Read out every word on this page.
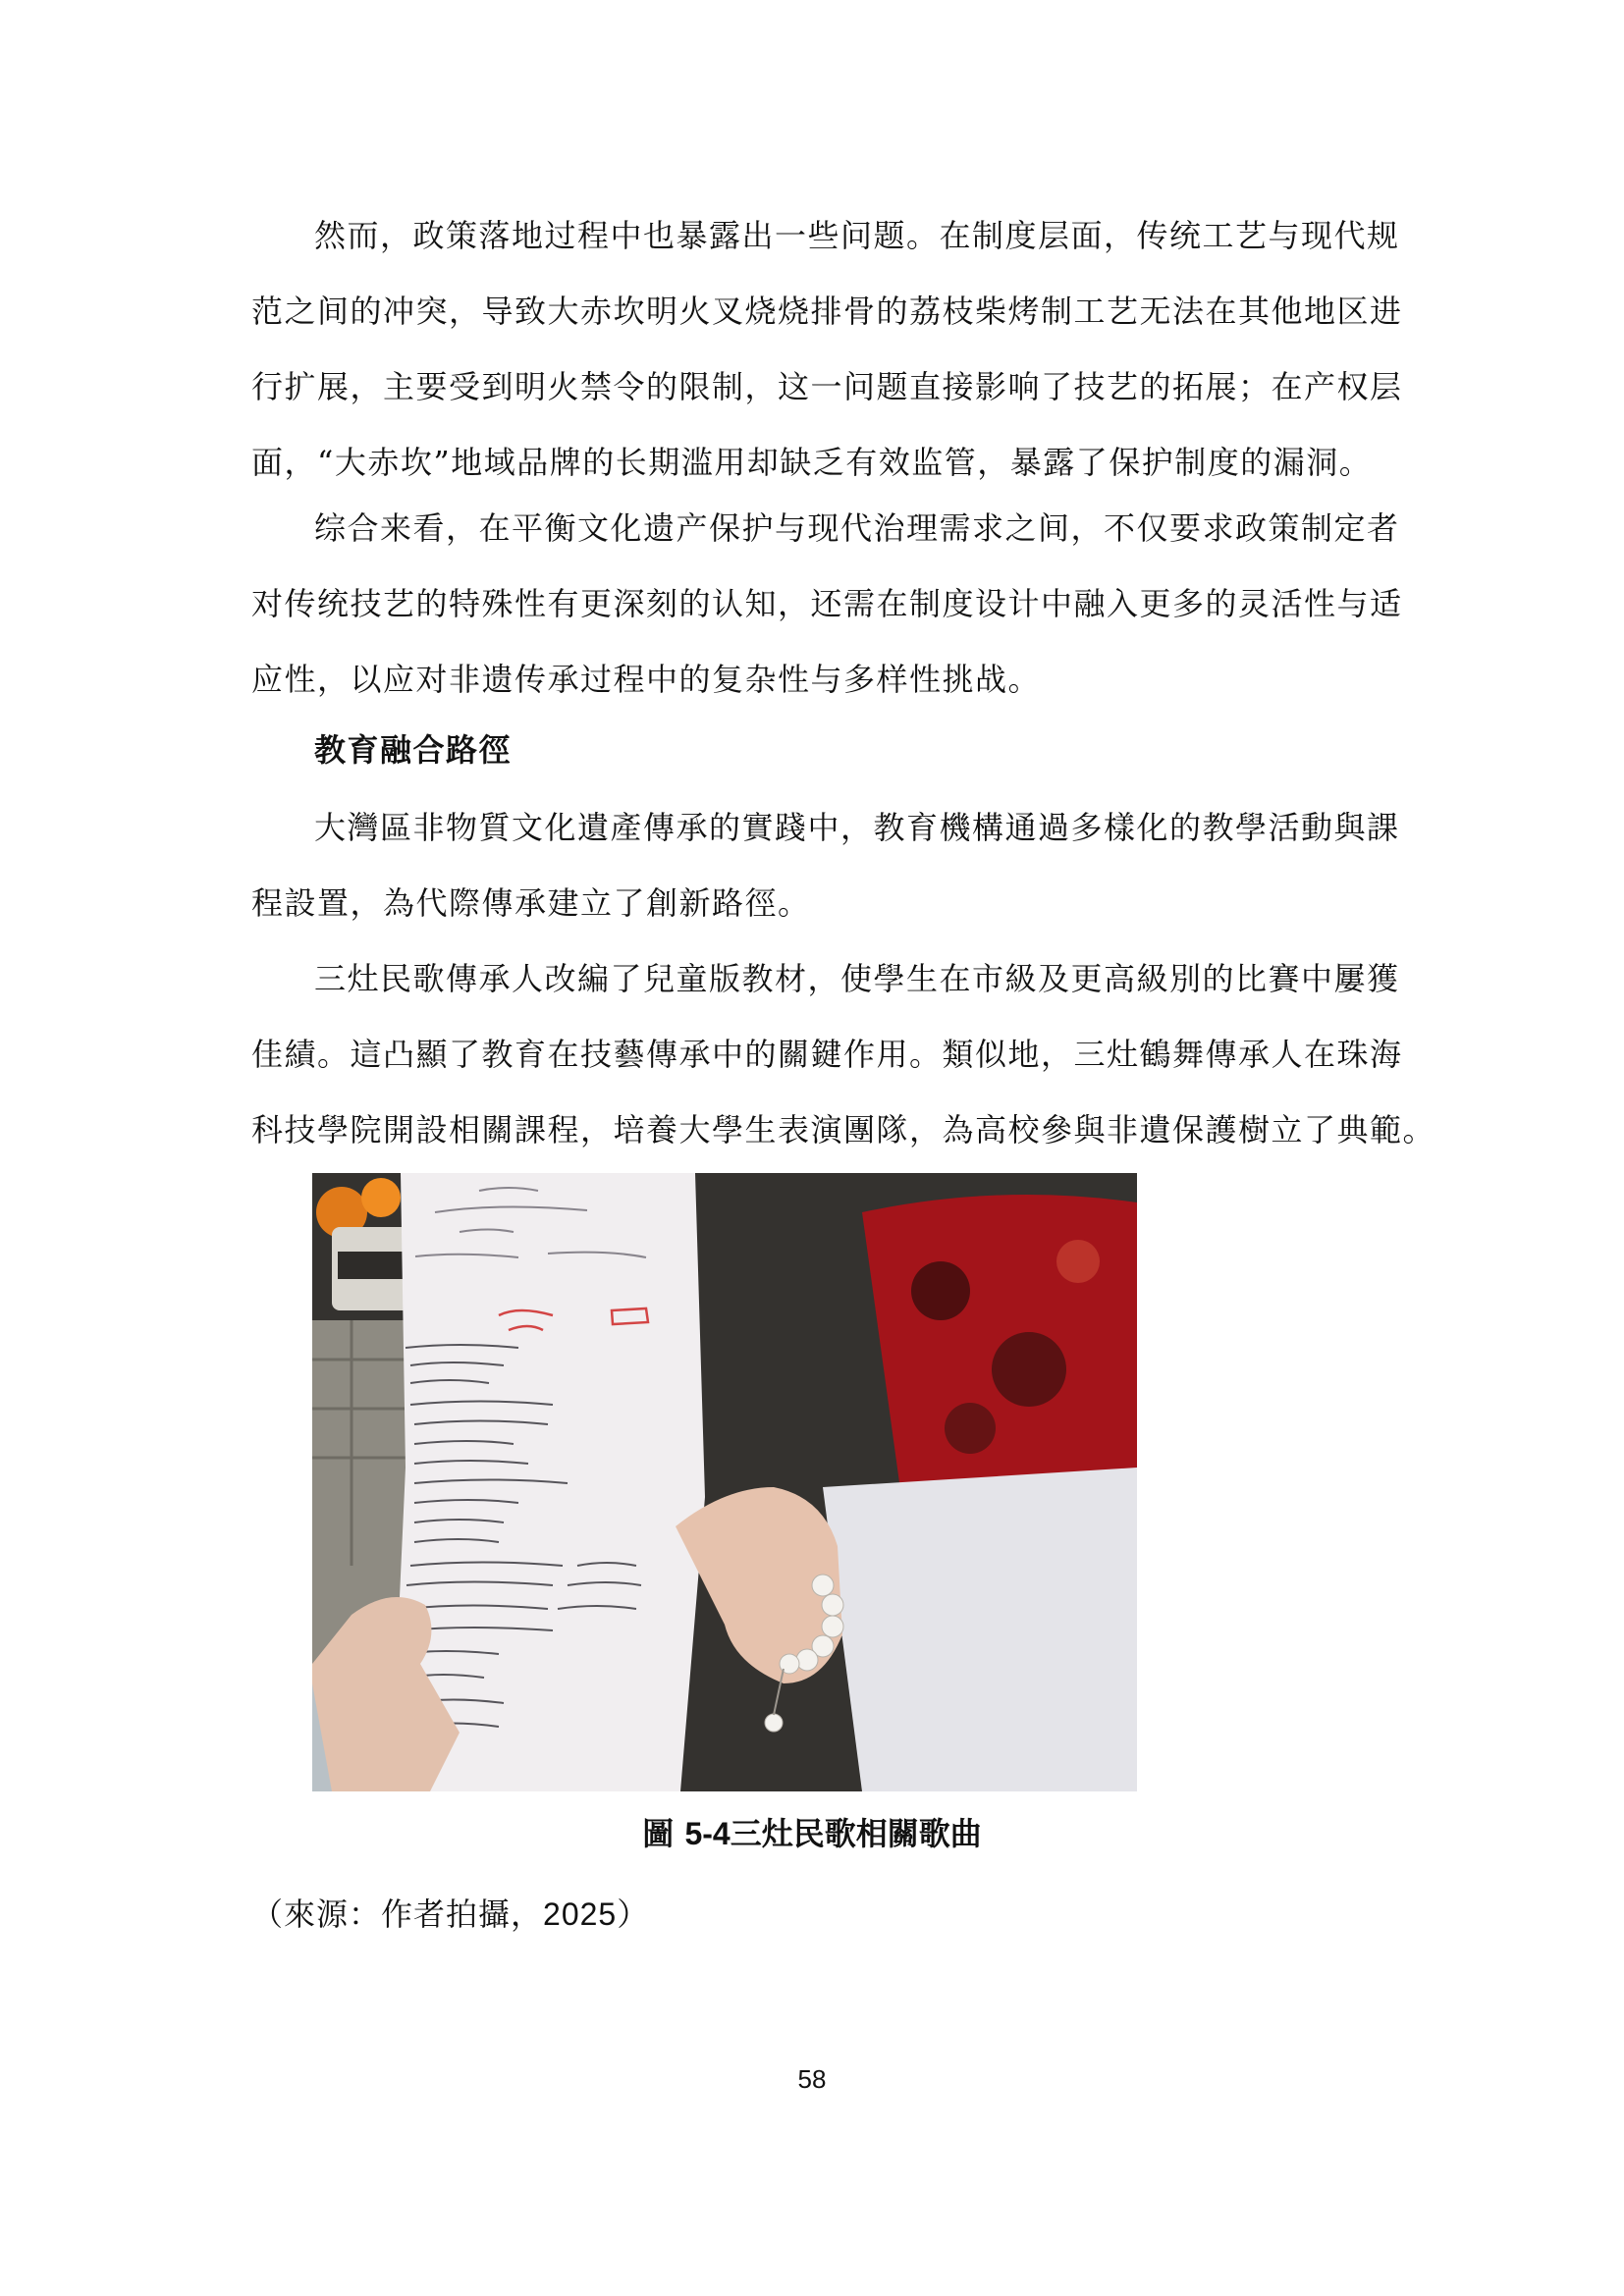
然而，政策落地过程中也暴露出一些问题。在制度层面，传统工艺与现代规
范之间的冲突，导致大赤坎明火叉烧烧排骨的荔枝柴烤制工艺无法在其他地区进
行扩展，主要受到明火禁令的限制，这一问题直接影响了技艺的拓展；在产权层
面，“大赤坎”地域品牌的长期滥用却缺乏有效监管，暴露了保护制度的漏洞。
综合来看，在平衡文化遗产保护与现代治理需求之间，不仅要求政策制定者
对传统技艺的特殊性有更深刻的认知，还需在制度设计中融入更多的灵活性与适
应性，以应对非遗传承过程中的复杂性与多样性挑战。
教育融合路徑
大灣區非物質文化遺產傳承的實踐中，教育機構通過多樣化的教學活動與課
程設置，為代際傳承建立了創新路徑。
三灶民歌傳承人改編了兒童版教材，使學生在市級及更高級別的比賽中屢獲
佳績。這凸顯了教育在技藝傳承中的關鍵作用。類似地，三灶鶴舞傳承人在珠海
科技學院開設相關課程，培養大學生表演團隊，為高校參與非遺保護樹立了典範。
圖 5-4三灶民歌相關歌曲
（來源：作者拍攝，2025）
58
